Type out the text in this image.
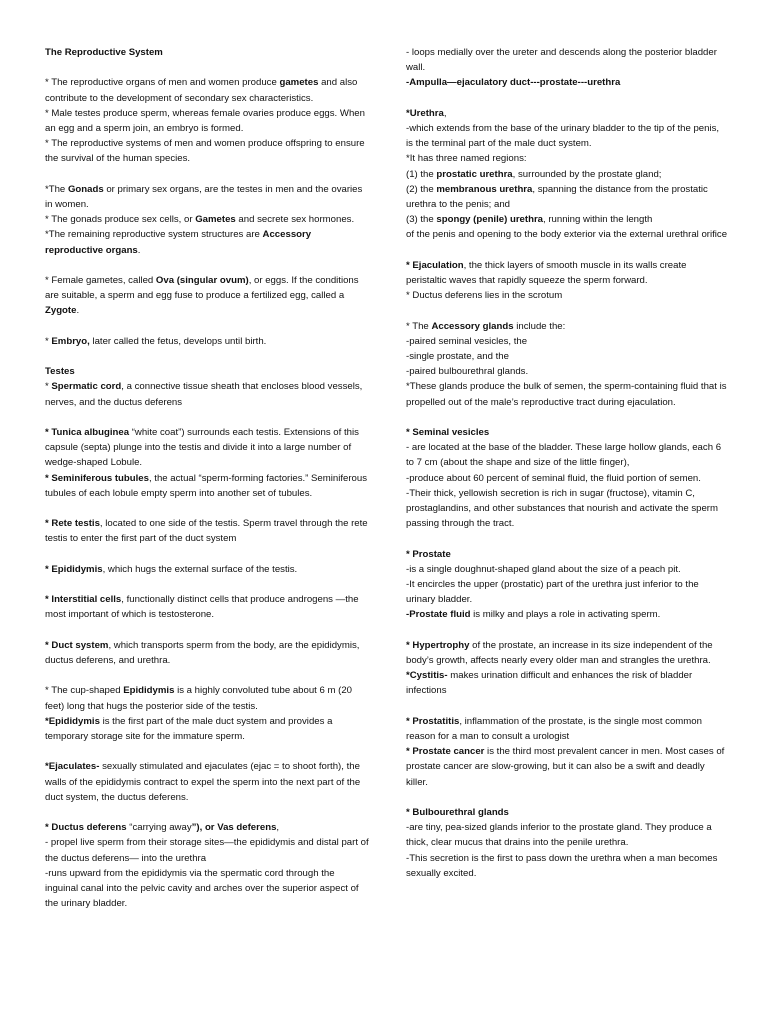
The Reproductive System

* The reproductive organs of men and women produce gametes and also contribute to the development of secondary sex characteristics.

* Male testes produce sperm, whereas female ovaries produce eggs. When an egg and a sperm join, an embryo is formed.

* The reproductive systems of men and women produce offspring to ensure the survival of the human species.

*The Gonads or primary sex organs, are the testes in men and the ovaries in women.

* The gonads produce sex cells, or Gametes and secrete sex hormones.

*The remaining reproductive system structures are Accessory reproductive organs.

* Female gametes, called Ova (singular ovum), or eggs. If the conditions are suitable, a sperm and egg fuse to produce a fertilized egg, called a Zygote.

* Embryo, later called the fetus, develops until birth.

Testes

* Spermatic cord, a connective tissue sheath that encloses blood vessels, nerves, and the ductus deferens

* Tunica albuginea “white coat”) surrounds each testis. Extensions of this capsule (septa) plunge into the testis and divide it into a large number of wedge-shaped Lobule.

* Seminiferous tubules, the actual “sperm-forming factories.” Seminiferous tubules of each lobule empty sperm into another set of tubules.

* Rete testis, located to one side of the testis. Sperm travel through the rete testis to enter the first part of the duct system

* Epididymis, which hugs the external surface of the testis.

* Interstitial cells, functionally distinct cells that produce androgens —the most important of which is testosterone.

* Duct system, which transports sperm from the body, are the epididymis, ductus deferens, and urethra.

* The cup-shaped Epididymis is a highly convoluted tube about 6 m (20 feet) long that hugs the posterior side of the testis.

*Epididymis is the first part of the male duct system and provides a temporary storage site for the immature sperm.

*Ejaculates- sexually stimulated and ejaculates (ejac = to shoot forth), the walls of the epididymis contract to expel the sperm into the next part of the duct system, the ductus deferens.

* Ductus deferens “carrying away”), or Vas deferens,

- propel live sperm from their storage sites—the epididymis and distal part of the ductus deferens— into the urethra

-runs upward from the epididymis via the spermatic cord through the inguinal canal into the pelvic cavity and arches over the superior aspect of the urinary bladder.

- loops medially over the ureter and descends along the posterior bladder wall.

-Ampulla—ejaculatory duct---prostate---urethra

*Urethra,

-which extends from the base of the urinary bladder to the tip of the penis, is the terminal part of the male duct system.

*It has three named regions:

(1) the prostatic urethra, surrounded by the prostate gland;

(2) the membranous urethra, spanning the distance from the prostatic urethra to the penis; and

(3) the spongy (penile) urethra, running within the length

of the penis and opening to the body exterior via the external urethral orifice

* Ejaculation, the thick layers of smooth muscle in its walls create peristaltic waves that rapidly squeeze the sperm forward.

* Ductus deferens lies in the scrotum

* The Accessory glands include the:

-paired seminal vesicles, the

-single prostate, and the

-paired bulbourethral glands.

*These glands produce the bulk of semen, the sperm-containing fluid that is propelled out of the male’s reproductive tract during ejaculation.

* Seminal vesicles

- are located at the base of the bladder. These large hollow glands, each 6 to 7 cm (about the shape and size of the little finger),

-produce about 60 percent of seminal fluid, the fluid portion of semen.

-Their thick, yellowish secretion is rich in sugar (fructose), vitamin C, prostaglandins, and other substances that nourish and activate the sperm passing through the tract.

* Prostate

-is a single doughnut-shaped gland about the size of a peach pit.

-It encircles the upper (prostatic) part of the urethra just inferior to the urinary bladder.

-Prostate fluid is milky and plays a role in activating sperm.

* Hypertrophy of the prostate, an increase in its size independent of the body’s growth, affects nearly every older man and strangles the urethra.

*Cystitis- makes urination difficult and enhances the risk of bladder infections

* Prostatitis, inflammation of the prostate, is the single most common reason for a man to consult a urologist

* Prostate cancer is the third most prevalent cancer in men. Most cases of prostate cancer are slow-growing, but it can also be a swift and deadly killer.

* Bulbourethral glands

-are tiny, pea-sized glands inferior to the prostate gland. They produce a thick, clear mucus that drains into the penile urethra.

-This secretion is the first to pass down the urethra when a man becomes sexually excited.
